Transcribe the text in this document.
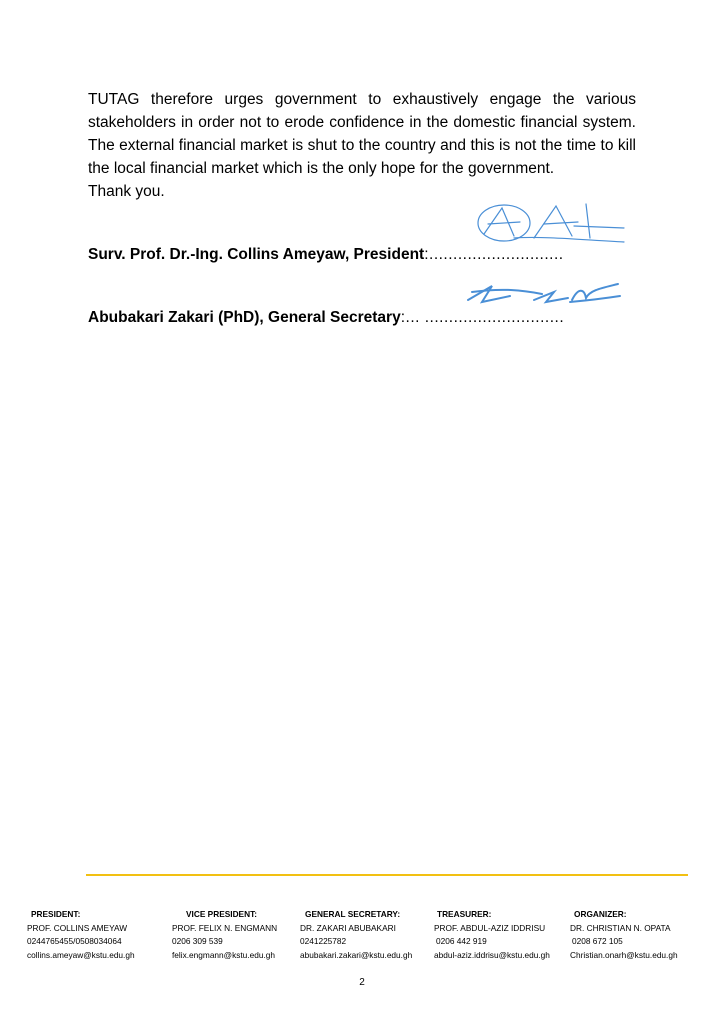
TUTAG therefore urges government to exhaustively engage the various stakeholders in order not to erode confidence in the domestic financial system. The external financial market is shut to the country and this is not the time to kill the local financial market which is the only hope for the government.

Thank you.
Surv. Prof. Dr.-Ing. Collins Ameyaw, President:............................
Abubakari Zakari (PhD), General Secretary:... .............................
PRESIDENT:
PROF. COLLINS AMEYAW
0244765455/0508034064
collins.ameyaw@kstu.edu.gh
VICE PRESIDENT:
PROF. FELIX N. ENGMANN
0206 309 539
felix.engmann@kstu.edu.gh
GENERAL SECRETARY:
DR. ZAKARI ABUBAKARI
0241225782
abubakari.zakari@kstu.edu.gh
TREASURER:
PROF. ABDUL-AZIZ IDDRISU
0206 442 919
abdul-aziz.iddrisu@kstu.edu.gh
ORGANIZER:
DR. CHRISTIAN N. OPATA
0208 672 105
Christian.onarh@kstu.edu.gh
2
